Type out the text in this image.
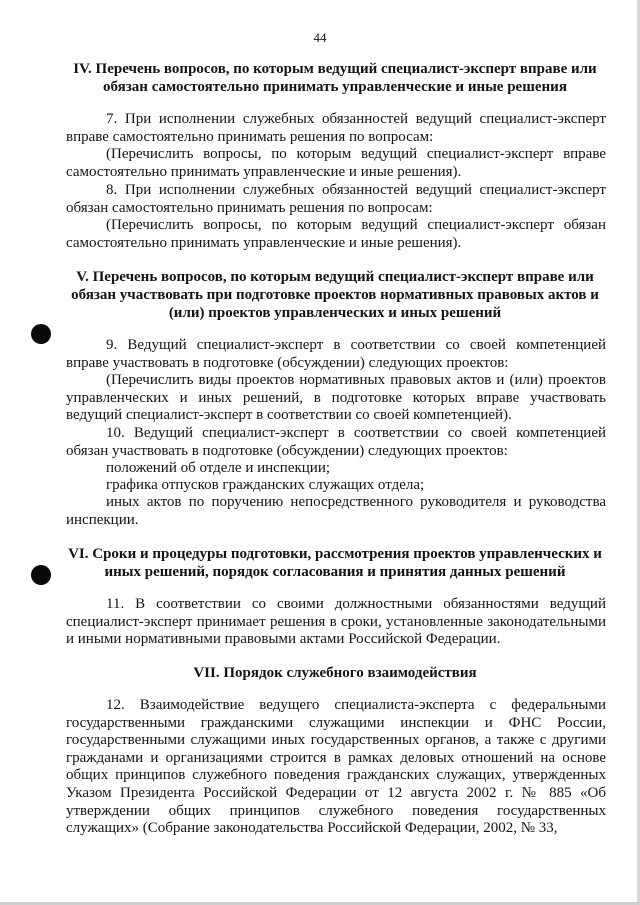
44
IV. Перечень вопросов, по которым ведущий специалист-эксперт вправе или обязан самостоятельно принимать управленческие и иные решения
7. При исполнении служебных обязанностей ведущий специалист-эксперт вправе самостоятельно принимать решения по вопросам:
(Перечислить вопросы, по которым ведущий специалист-эксперт вправе самостоятельно принимать управленческие и иные решения).
8. При исполнении служебных обязанностей ведущий специалист-эксперт обязан самостоятельно принимать решения по вопросам:
(Перечислить вопросы, по которым ведущий специалист-эксперт обязан самостоятельно принимать управленческие и иные решения).
V. Перечень вопросов, по которым ведущий специалист-эксперт вправе или обязан участвовать при подготовке проектов нормативных правовых актов и (или) проектов управленческих и иных решений
9. Ведущий специалист-эксперт в соответствии со своей компетенцией вправе участвовать в подготовке (обсуждении) следующих проектов:
(Перечислить виды проектов нормативных правовых актов и (или) проектов управленческих и иных решений, в подготовке которых вправе участвовать ведущий специалист-эксперт в соответствии со своей компетенцией).
10. Ведущий специалист-эксперт в соответствии со своей компетенцией обязан участвовать в подготовке (обсуждении) следующих проектов:
положений об отделе и инспекции;
графика отпусков гражданских служащих отдела;
иных актов по поручению непосредственного руководителя и руководства инспекции.
VI. Сроки и процедуры подготовки, рассмотрения проектов управленческих и иных решений, порядок согласования и принятия данных решений
11. В соответствии со своими должностными обязанностями ведущий специалист-эксперт принимает решения в сроки, установленные законодательными и иными нормативными правовыми актами Российской Федерации.
VII. Порядок служебного взаимодействия
12. Взаимодействие ведущего специалиста-эксперта с федеральными государственными гражданскими служащими инспекции и ФНС России, государственными служащими иных государственных органов, а также с другими гражданами и организациями строится в рамках деловых отношений на основе общих принципов служебного поведения гражданских служащих, утвержденных Указом Президента Российской Федерации от 12 августа 2002 г. № 885 «Об утверждении общих принципов служебного поведения государственных служащих» (Собрание законодательства Российской Федерации, 2002, № 33,
